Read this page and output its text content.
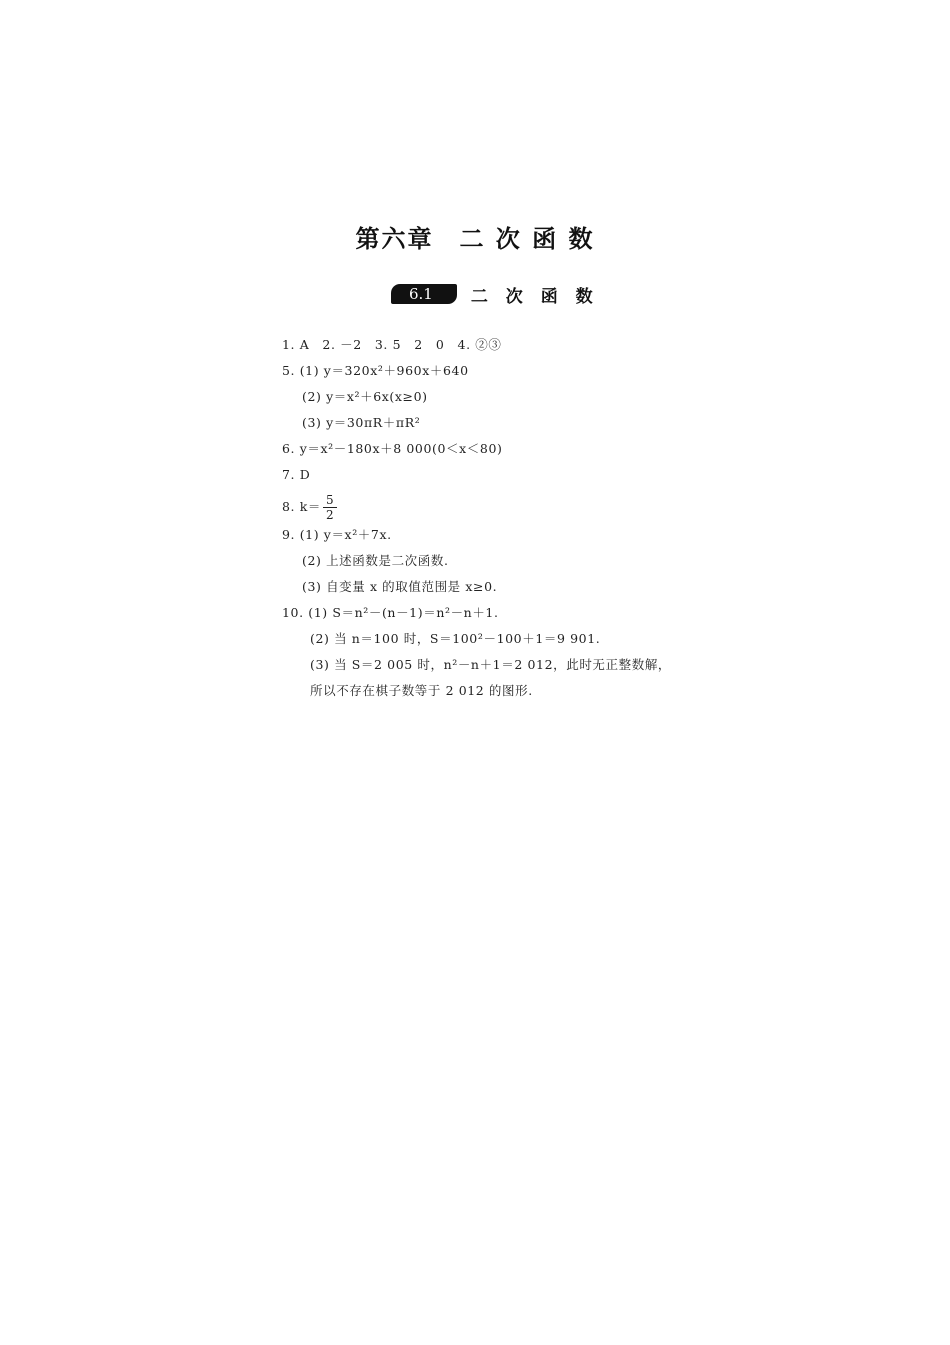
第六章　二 次 函 数
6.1	二 次 函 数
1. A　2. －2　3. 5　2　0　4. ②③
5. (1) y＝320x²＋960x＋640
(2) y＝x²＋6x(x≥0)
(3) y＝30πR＋πR²
6. y＝x²－180x＋8 000(0＜x＜80)
7. D
8. $k= \frac{5}{2}$
9. (1) y＝x²＋7x.
(2) 上述函数是二次函数.
(3) 自变量 x 的取值范围是 x≥0.
10. (1) S＝n²－(n－1)＝n²－n＋1.
(2) 当 n＝100 时，S＝100²－100＋1＝9 901.
(3) 当 S＝2 005 时，n²－n＋1＝2 012，此时无正整数解，
所以不存在棋子数等于 2 012 的图形.
